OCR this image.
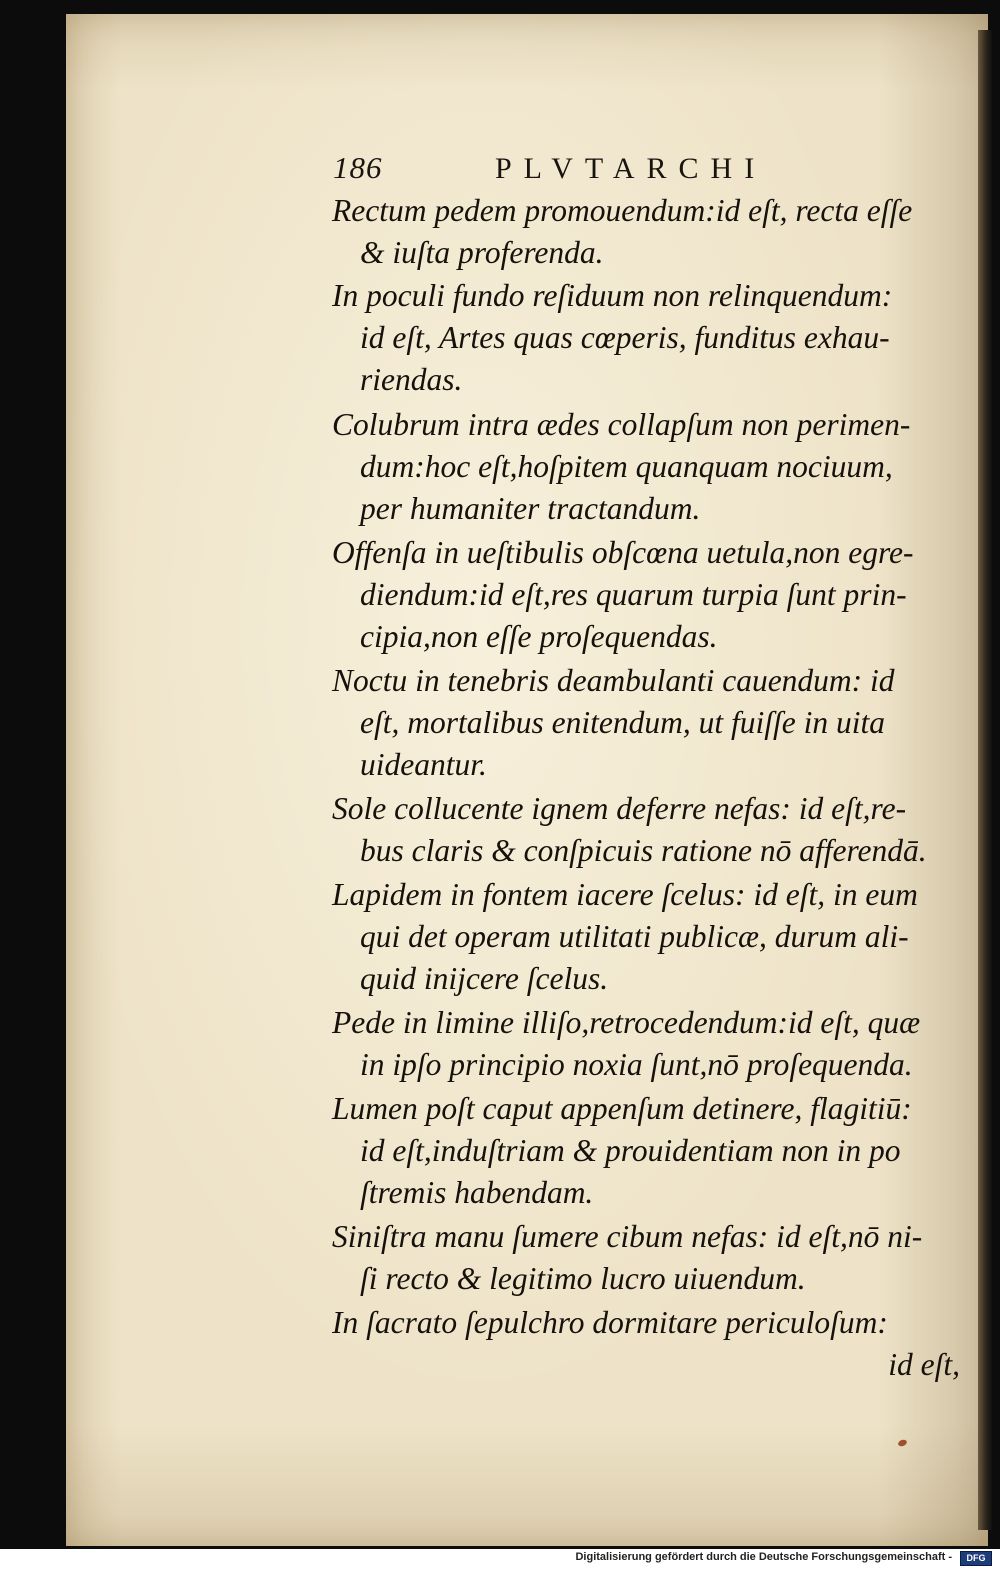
186	PLVTARCHI
Rectum pedem promouendum:id eſt, recta eſſe
& iuſta proferenda.
In poculi fundo reſiduum non relinquendum:
id eſt, Artes quas cœperis, funditus exhau-
riendas.
Colubrum intra ædes collapſum non perimen-
dum:hoc eſt,hoſpitem quanquam nociuum,
per humaniter tractandum.
Offenſa in ueſtibulis obſcœna uetula,non egre-
diendum:id eſt,res quarum turpia ſunt prin-
cipia,non eſſe proſequendas.
Noctu in tenebris deambulanti cauendum: id
eſt, mortalibus enitendum, ut fuiſſe in uita
uideantur.
Sole collucente ignem deferre nefas: id eſt,re-
bus claris & conſpicuis ratione nō afferendā.
Lapidem in fontem iacere ſcelus: id eſt, in eum
qui det operam utilitati publicæ, durum ali-
quid inijcere ſcelus.
Pede in limine illiſo,retrocedendum:id eſt, quæ
in ipſo principio noxia ſunt,nō proſequenda.
Lumen poſt caput appenſum detinere, flagitiū:
id eſt,induſtriam & prouidentiam non in po
ſtremis habendam.
Siniſtra manu ſumere cibum nefas: id eſt,nō ni-
ſi recto & legitimo lucro uiuendum.
In ſacrato ſepulchro dormitare periculoſum:
id eſt,
Digitalisierung gefördert durch die Deutsche Forschungsgemeinschaft -	DFG
